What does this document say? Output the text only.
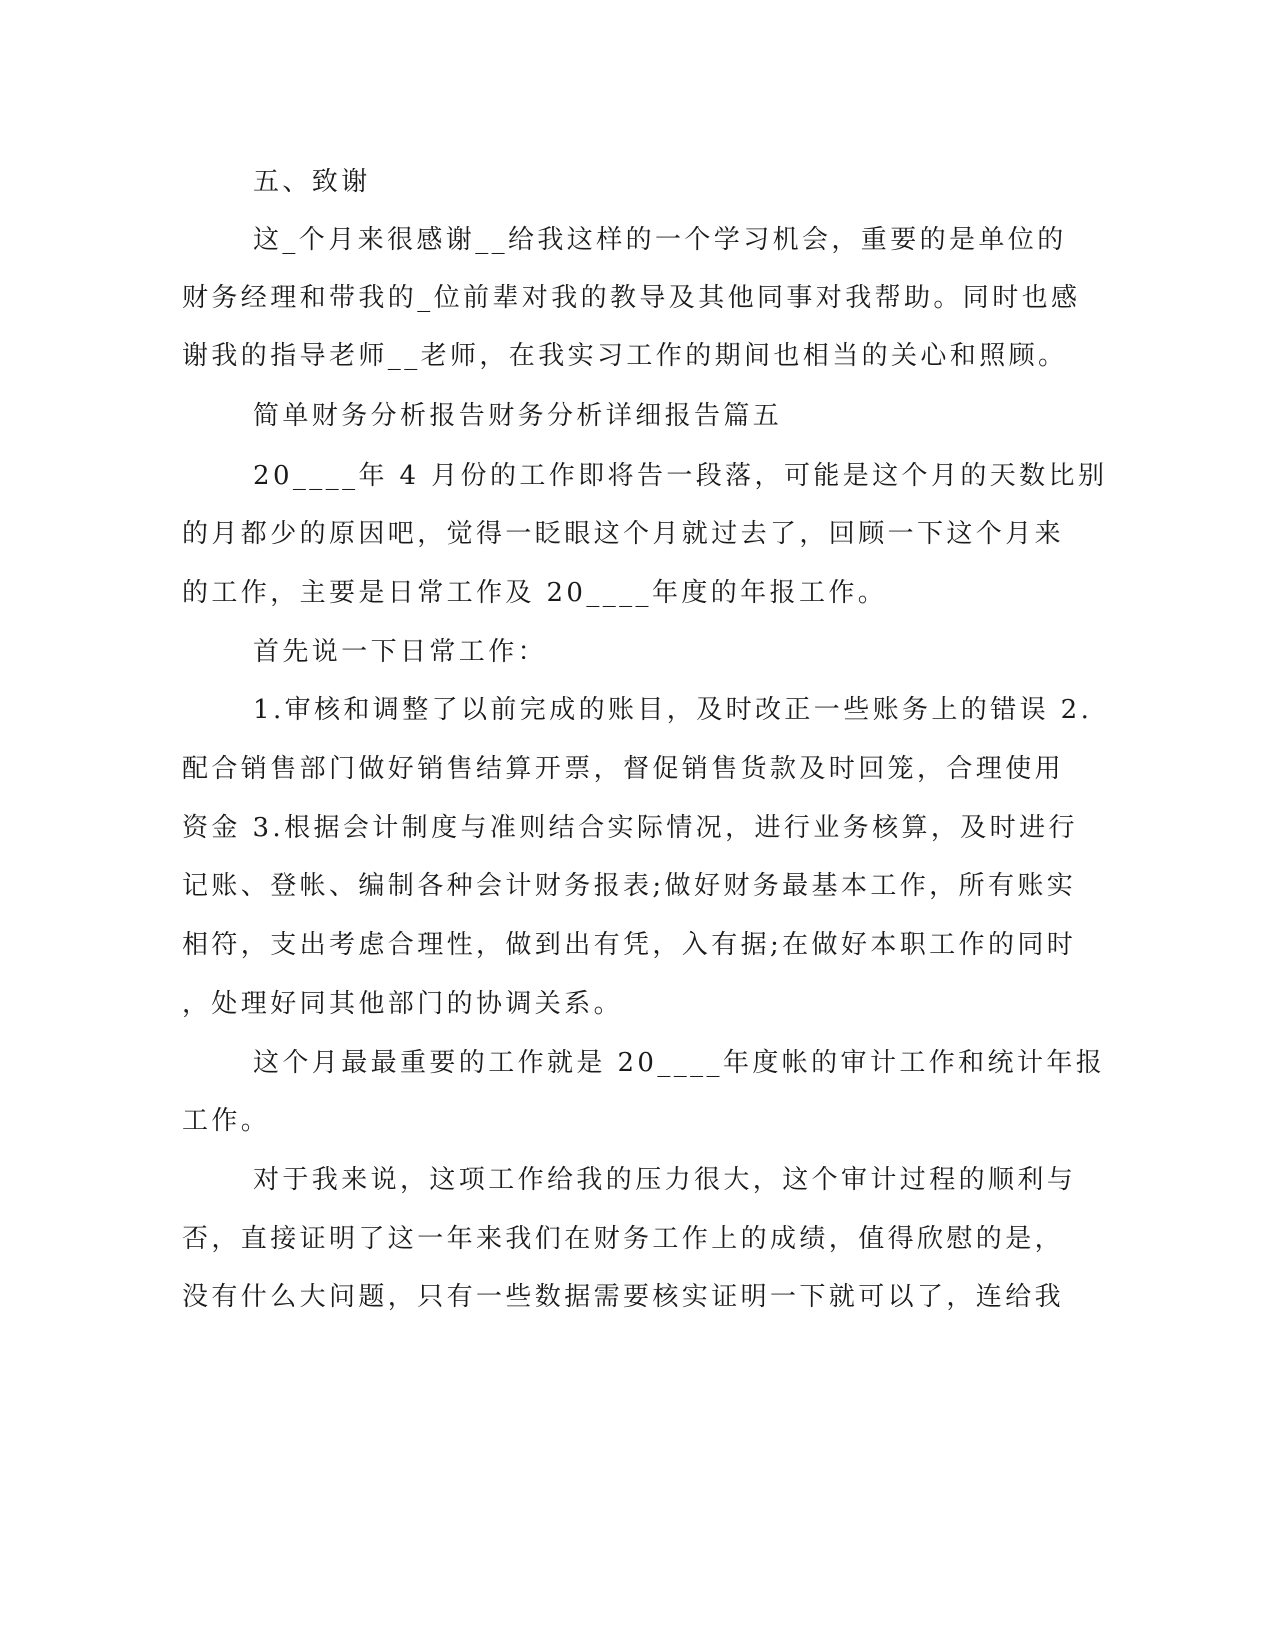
五、致谢
这_个月来很感谢__给我这样的一个学习机会，重要的是单位的
财务经理和带我的_位前辈对我的教导及其他同事对我帮助。同时也感
谢我的指导老师__老师，在我实习工作的期间也相当的关心和照顾。
简单财务分析报告财务分析详细报告篇五
20____年 4 月份的工作即将告一段落，可能是这个月的天数比别
的月都少的原因吧，觉得一眨眼这个月就过去了，回顾一下这个月来
的工作，主要是日常工作及 20____年度的年报工作。
首先说一下日常工作：
1.审核和调整了以前完成的账目，及时改正一些账务上的错误 2.
配合销售部门做好销售结算开票，督促销售货款及时回笼，合理使用
资金 3.根据会计制度与准则结合实际情况，进行业务核算，及时进行
记账、登帐、编制各种会计财务报表;做好财务最基本工作，所有账实
相符，支出考虑合理性，做到出有凭，入有据;在做好本职工作的同时
，处理好同其他部门的协调关系。
这个月最最重要的工作就是 20____年度帐的审计工作和统计年报
工作。
对于我来说，这项工作给我的压力很大，这个审计过程的顺利与
否，直接证明了这一年来我们在财务工作上的成绩，值得欣慰的是，
没有什么大问题，只有一些数据需要核实证明一下就可以了，连给我
